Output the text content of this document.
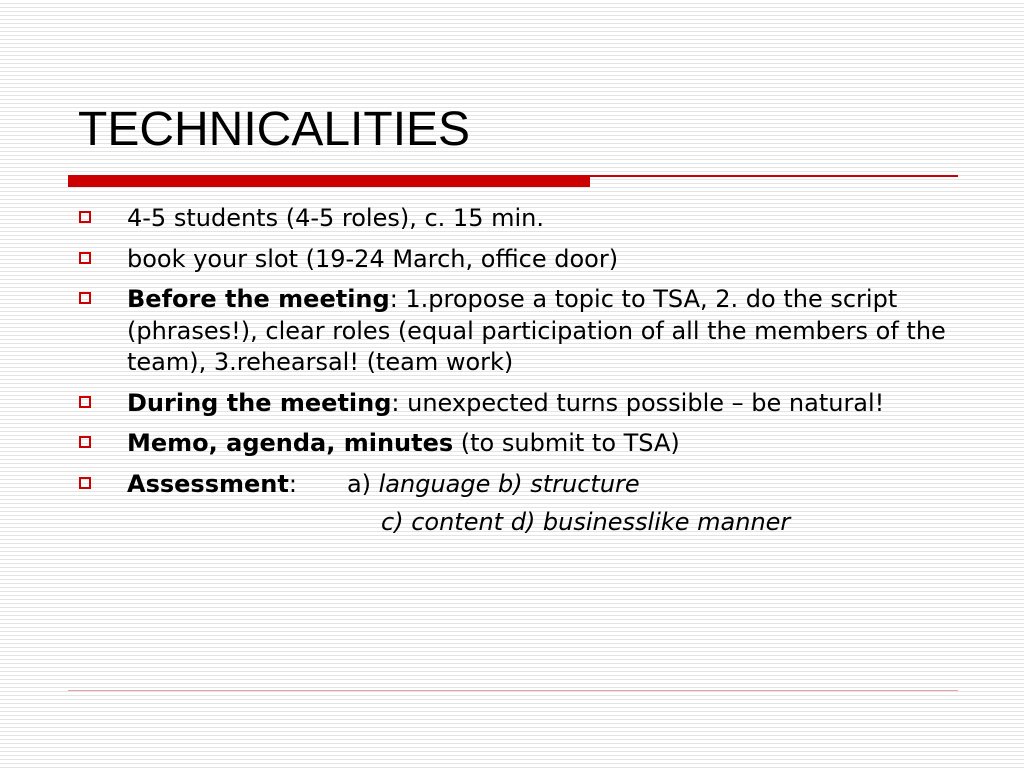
TECHNICALITIES
4-5 students (4-5 roles), c. 15 min.
book your slot (19-24 March, office door)
Before the meeting: 1.propose a topic to TSA, 2. do the script (phrases!), clear roles (equal participation of all the members of the team), 3.rehearsal! (team work)
During the meeting: unexpected turns possible – be natural!
Memo, agenda, minutes (to submit to TSA)
Assessment: a) language b) structure
c) content d) businesslike manner
